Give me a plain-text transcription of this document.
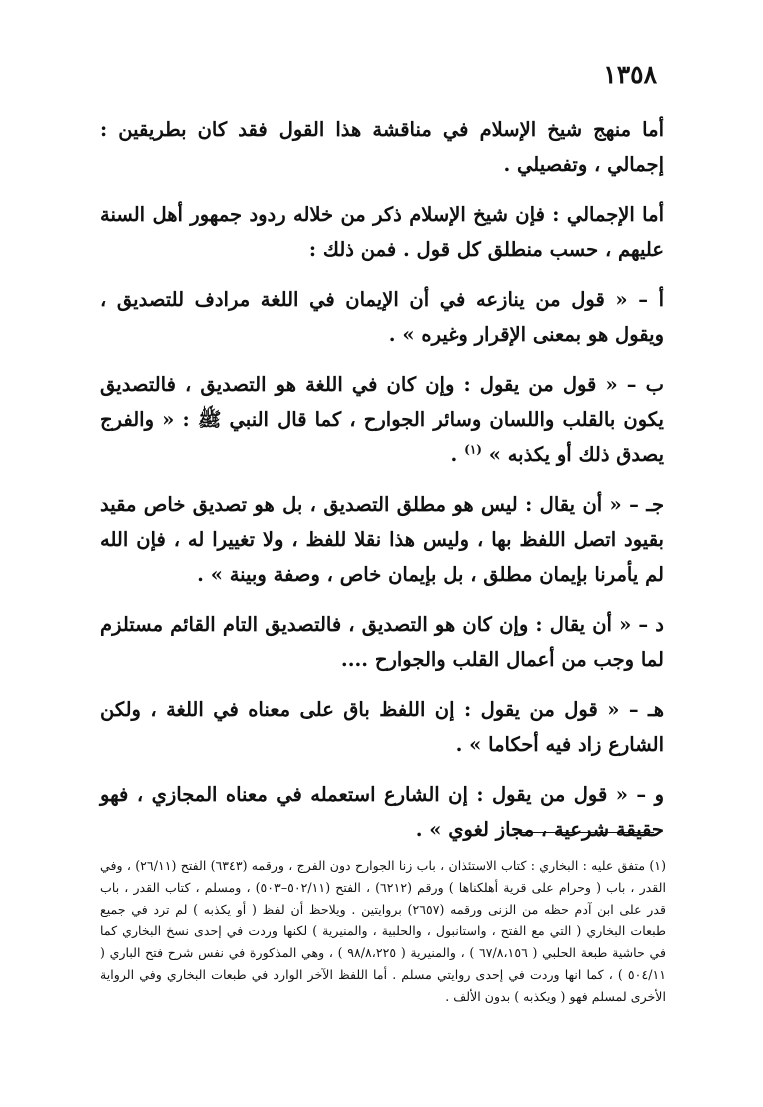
١٣٥٨

أما منهج شيخ الإسلام في مناقشة هذا القول فقد كان بطريقين : إجمالي ، وتفصيلي .

أما الإجمالي : فإن شيخ الإسلام ذكر من خلاله ردود جمهور أهل السنة عليهم ، حسب منطلق كل قول . فمن ذلك :

أ – « قول من ينازعه في أن الإيمان في اللغة مرادف للتصديق ، ويقول هو بمعنى الإقرار وغيره » .

ب – « قول من يقول : وإن كان في اللغة هو التصديق ، فالتصديق يكون بالقلب واللسان وسائر الجوارح ، كما قال النبي ﷺ : « والفرج يصدق ذلك أو يكذبه » $^{(١)}$ .

جـ – « أن يقال : ليس هو مطلق التصديق ، بل هو تصديق خاص مقيد بقيود اتصل اللفظ بها ، وليس هذا نقلا للفظ ، ولا تغييرا له ، فإن الله لم يأمرنا بإيمان مطلق ، بل بإيمان خاص ، وصفة وبينة » .

د – « أن يقال : وإن كان هو التصديق ، فالتصديق التام القائم مستلزم لما وجب من أعمال القلب والجوارح ....

هـ – « قول من يقول : إن اللفظ باق على معناه في اللغة ، ولكن الشارع زاد فيه أحكاما » .

و – « قول من يقول : إن الشارع استعمله في معناه المجازي ، فهو حقيقة شرعية ، مجاز لغوي » .

(١) متفق عليه : البخاري : كتاب الاستئذان ، باب زنا الجوارح دون الفرج ، ورقمه (٦٣٤٣) الفتح (٢٦/١١) ، وفي القدر ، باب ( وحرام على قرية أهلكناها ) ورقم (٦٢١٢) ، الفتح (٥٠٢/١١–٥٠٣) ، ومسلم ، كتاب القدر ، باب قدر على ابن آدم حظه من الزنى ورقمه (٢٦٥٧) بروايتين . ويلاحظ أن لفظ ( أو يكذبه ) لم ترد في جميع طبعات البخاري ( التي مع الفتح ، واستانبول ، والحلبية ، والمنيرية ) لكنها وردت في إحدى نسخ البخاري كما في حاشية طبعة الحلبي ( ٦٧/٨،١٥٦ ) ، والمنيرية ( ٩٨/٨،٢٢٥ ) ، وهي المذكورة في نفس شرح فتح الباري ( ٥٠٤/١١ ) ، كما انها وردت في إحدى روايتي مسلم . أما اللفظ الآخر الوارد في طبعات البخاري وفي الرواية الأخرى لمسلم فهو ( ويكذبه ) بدون الألف .
